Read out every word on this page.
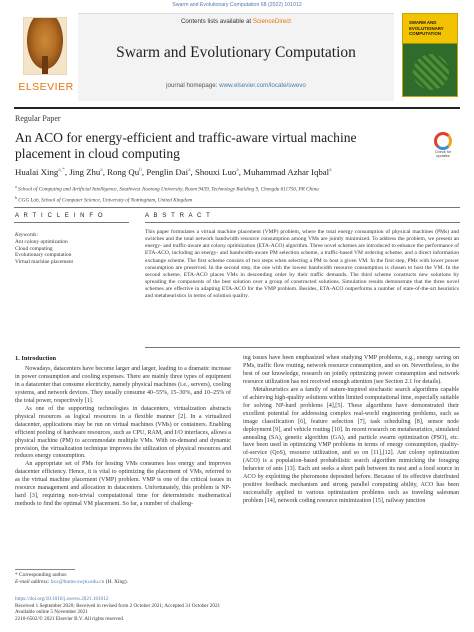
Swarm and Evolutionary Computation 68 (2022) 101012
ELSEVIER
Contents lists available at ScienceDirect
Swarm and Evolutionary Computation
journal homepage: www.elsevier.com/locate/swevo
SWARM AND EVOLUTIONARY COMPUTATION
Regular Paper
An ACO for energy-efficient and traffic-aware virtual machine placement in cloud computing	Check for updates
Hualai Xing$^{a,*}$, Jing Zhu$^a$, Rong Qu$^b$, Penglin Dai$^a$, Shouxi Luo$^a$, Muhammad Azhar Iqbal$^a$
$^a$ School of Computing and Artificial Intelligence, Southwest Jiaotong University, Room 9439, Technology Building 9, Chengdu 611756, PR China
$^b$ CGG Lab, School of Computer Science, University of Nottingham, United Kingdom
A R T I C L E I N F O	A B S T R A C T
Keywords:
Ant colony optimization
Cloud computing
Evolutionary computation
Virtual machine placement
This paper formulates a virtual machine placement (VMP) problem, where the total energy consumption of physical machines (PMs) and switches and the total network bandwidth resource consumption among VMs are jointly minimized. To address the problem, we present an energy- and traffic-aware ant colony optimization (ETA-ACO) algorithm. Three novel schemes are introduced to enhance the performance of ETA-ACO, including an energy- and bandwidth-aware PM selection scheme, a traffic-based VM ordering scheme, and a direct information exchange scheme. The first scheme consists of two steps when selecting a PM to host a given VM. In the first step, PMs with lower power consumption are preserved. In the second step, the one with the lowest bandwidth resource consumption is chosen to host the VM. In the second scheme, ETA-ACO places VMs in descending order by their traffic demands. The third scheme constructs new solutions by spreading the components of the best solution over a group of constructed solutions. Simulation results demonstrate that the three novel schemes are effective in adapting ETA-ACO for the VMP problem. Besides, ETA-ACO outperforms a number of state-of-the-art heuristics and metaheuristics in terms of solution quality.
1. Introduction

Nowadays, datacenters have become larger and larger, leading to a dramatic increase in power consumption and cooling expenses. There are mainly three types of equipment in a datacenter that consume electricity, namely physical machines (i.e., servers), cooling systems, and network devices. They usually consume 40–55%, 15–30%, and 10–25% of the total power, respectively [1].

As one of the supporting technologies in datacenters, virtualization abstracts physical resources as logical resources in a flexible manner [2]. In a virtualized datacenter, applications may be run on virtual machines (VMs) or containers. Enabling efficient pooling of hardware resources, such as CPU, RAM, and I/O interfaces, allows a physical machine (PM) to accommodate multiple VMs. With on-demand and dynamic provision, the virtualization technique improves the utilization of physical resources and reduces energy consumption.

An appropriate set of PMs for hosting VMs consumes less energy and improves datacenter efficiency. Hence, it is vital to optimizing the placement of VMs, referred to as the virtual machine placement (VMP) problem. VMP is one of the critical issues in resource management and allocation in datacenters. Unfortunately, this problem is NP-hard [3], requiring non-trivial computational time for deterministic mathematical methods to find the optimal VM placement. So far, a number of challeng-

ing issues have been emphasized when studying VMP problems, e.g., energy saving on PMs, traffic flow routing, network resource consumption, and so on. Nevertheless, to the best of our knowledge, research on jointly optimizing power consumption and network resource utilization has not received enough attention (see Section 2.1 for details).

Metaheuristics are a family of nature-inspired stochastic search algorithms capable of achieving high-quality solutions within limited computational time, especially suitable for solving NP-hard problems [4],[5]. These algorithms have demonstrated their excellent potential for addressing complex real-world engineering problems, such as image classification [6], feature selection [7], task scheduling [8], sensor node deployment [9], and vehicle routing [10]. In recent research on metaheuristics, simulated annealing (SA), genetic algorithm (GA), and particle swarm optimization (PSO), etc. have been used in optimizing VMP problems in terms of energy consumption, quality-of-service (QoS), resource utilization, and so on [11],[12]. Ant colony optimization (ACO) is a population-based probabilistic search algorithm mimicking the foraging behavior of ants [13]. Each ant seeks a short path between its nest and a food source in ACO by exploiting the pheromone deposited before. Because of its effective distributed positive feedback mechanism and strong parallel computing ability, ACO has been successfully applied to various optimization problems such as traveling salesman problem [14], network coding resource minimization [15], railway junction

* Corresponding author.
E-mail address: hxx@home.swjtu.edu.cn (H. Xing).
https://doi.org/10.1016/j.swevo.2021.101012
Received 1 September 2020; Received in revised form 2 October 2021; Accepted 31 October 2021
Available online 5 November 2021
2210-6502/© 2021 Elsevier B.V. All rights reserved.
